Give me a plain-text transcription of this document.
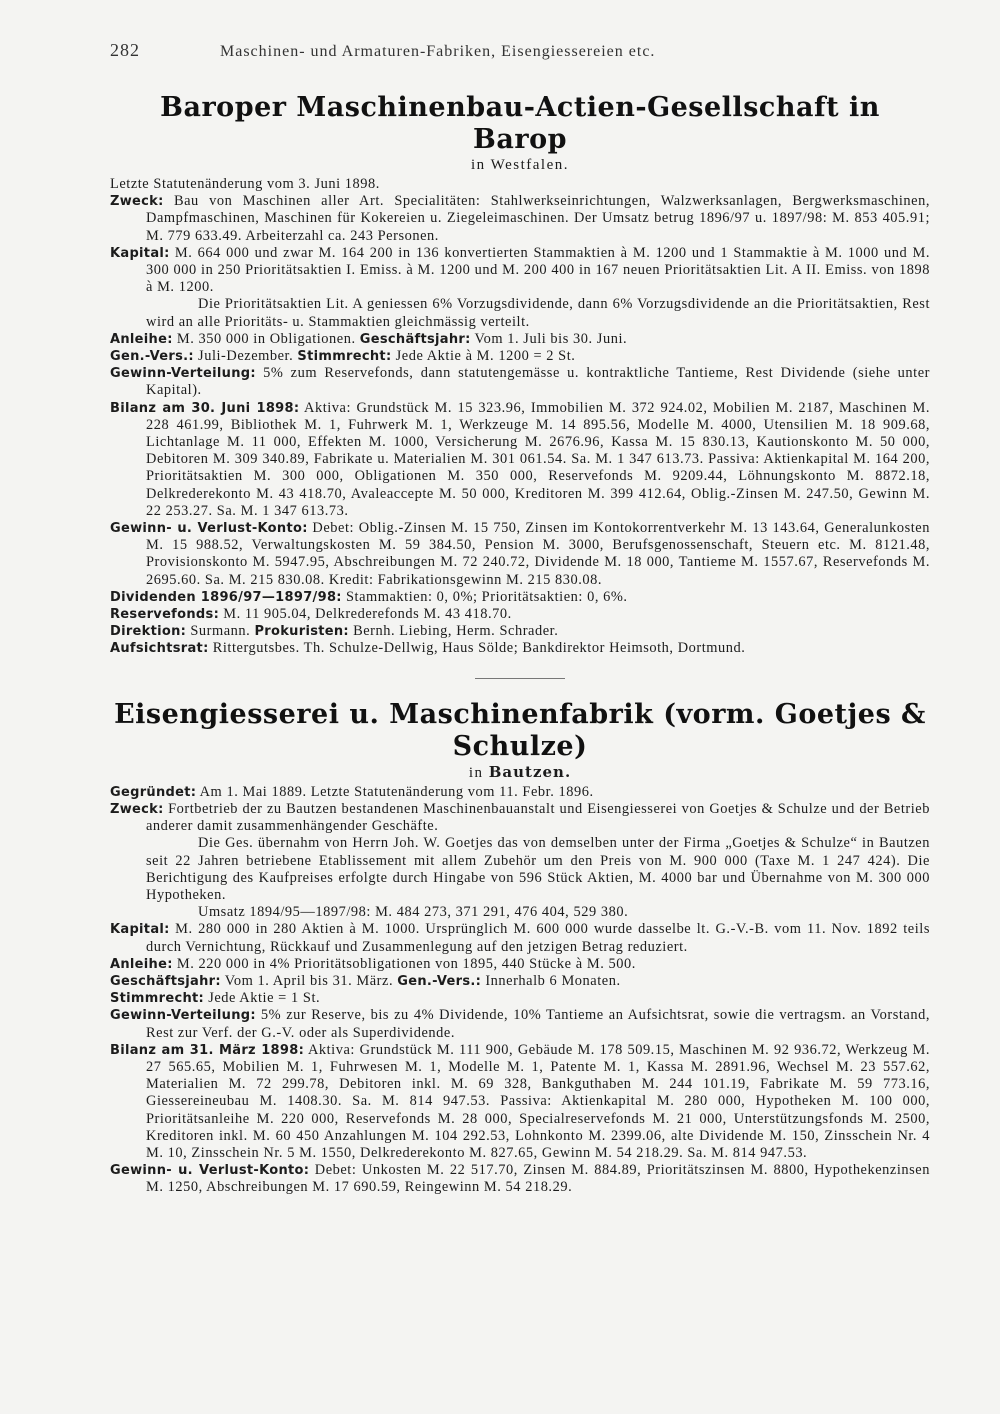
282	Maschinen- und Armaturen-Fabriken, Eisengiessereien etc.
Baroper Maschinenbau-Actien-Gesellschaft in Barop

in Westfalen.

Letzte Statutenänderung vom 3. Juni 1898.

Zweck: Bau von Maschinen aller Art. Specialitäten: Stahlwerkseinrichtungen, Walzwerksanlagen, Bergwerksmaschinen, Dampfmaschinen, Maschinen für Kokereien u. Ziegeleimaschinen. Der Umsatz betrug 1896/97 u. 1897/98: M. 853 405.91; M. 779 633.49. Arbeiterzahl ca. 243 Personen.

Kapital: M. 664 000 und zwar M. 164 200 in 136 konvertierten Stammaktien à M. 1200 und 1 Stammaktie à M. 1000 und M. 300 000 in 250 Prioritätsaktien I. Emiss. à M. 1200 und M. 200 400 in 167 neuen Prioritätsaktien Lit. A II. Emiss. von 1898 à M. 1200.

Die Prioritätsaktien Lit. A geniessen 6% Vorzugsdividende, dann 6% Vorzugsdividende an die Prioritätsaktien, Rest wird an alle Prioritäts- u. Stammaktien gleichmässig verteilt.

Anleihe: M. 350 000 in Obligationen. Geschäftsjahr: Vom 1. Juli bis 30. Juni.

Gen.-Vers.: Juli-Dezember. Stimmrecht: Jede Aktie à M. 1200 = 2 St.

Gewinn-Verteilung: 5% zum Reservefonds, dann statutengemässe u. kontraktliche Tantieme, Rest Dividende (siehe unter Kapital).

Bilanz am 30. Juni 1898: Aktiva: Grundstück M. 15 323.96, Immobilien M. 372 924.02, Mobilien M. 2187, Maschinen M. 228 461.99, Bibliothek M. 1, Fuhrwerk M. 1, Werkzeuge M. 14 895.56, Modelle M. 4000, Utensilien M. 18 909.68, Lichtanlage M. 11 000, Effekten M. 1000, Versicherung M. 2676.96, Kassa M. 15 830.13, Kautionskonto M. 50 000, Debitoren M. 309 340.89, Fabrikate u. Materialien M. 301 061.54. Sa. M. 1 347 613.73. Passiva: Aktienkapital M. 164 200, Prioritätsaktien M. 300 000, Obligationen M. 350 000, Reservefonds M. 9209.44, Löhnungskonto M. 8872.18, Delkrederekonto M. 43 418.70, Avaleaccepte M. 50 000, Kreditoren M. 399 412.64, Oblig.-Zinsen M. 247.50, Gewinn M. 22 253.27. Sa. M. 1 347 613.73.

Gewinn- u. Verlust-Konto: Debet: Oblig.-Zinsen M. 15 750, Zinsen im Kontokorrentverkehr M. 13 143.64, Generalunkosten M. 15 988.52, Verwaltungskosten M. 59 384.50, Pension M. 3000, Berufsgenossenschaft, Steuern etc. M. 8121.48, Provisionskonto M. 5947.95, Abschreibungen M. 72 240.72, Dividende M. 18 000, Tantieme M. 1557.67, Reservefonds M. 2695.60. Sa. M. 215 830.08. Kredit: Fabrikationsgewinn M. 215 830.08.

Dividenden 1896/97—1897/98: Stammaktien: 0, 0%; Prioritätsaktien: 0, 6%.

Reservefonds: M. 11 905.04, Delkrederefonds M. 43 418.70.

Direktion: Surmann. Prokuristen: Bernh. Liebing, Herm. Schrader.

Aufsichtsrat: Rittergutsbes. Th. Schulze-Dellwig, Haus Sölde; Bankdirektor Heimsoth, Dortmund.

Eisengiesserei u. Maschinenfabrik (vorm. Goetjes & Schulze)

in Bautzen.

Gegründet: Am 1. Mai 1889. Letzte Statutenänderung vom 11. Febr. 1896.

Zweck: Fortbetrieb der zu Bautzen bestandenen Maschinenbauanstalt und Eisengiesserei von Goetjes & Schulze und der Betrieb anderer damit zusammenhängender Geschäfte.

Die Ges. übernahm von Herrn Joh. W. Goetjes das von demselben unter der Firma „Goetjes & Schulze“ in Bautzen seit 22 Jahren betriebene Etablissement mit allem Zubehör um den Preis von M. 900 000 (Taxe M. 1 247 424). Die Berichtigung des Kaufpreises erfolgte durch Hingabe von 596 Stück Aktien, M. 4000 bar und Übernahme von M. 300 000 Hypotheken.

Umsatz 1894/95—1897/98: M. 484 273, 371 291, 476 404, 529 380.

Kapital: M. 280 000 in 280 Aktien à M. 1000. Ursprünglich M. 600 000 wurde dasselbe lt. G.-V.-B. vom 11. Nov. 1892 teils durch Vernichtung, Rückkauf und Zusammenlegung auf den jetzigen Betrag reduziert.

Anleihe: M. 220 000 in 4% Prioritätsobligationen von 1895, 440 Stücke à M. 500.

Geschäftsjahr: Vom 1. April bis 31. März. Gen.-Vers.: Innerhalb 6 Monaten.

Stimmrecht: Jede Aktie = 1 St.

Gewinn-Verteilung: 5% zur Reserve, bis zu 4% Dividende, 10% Tantieme an Aufsichtsrat, sowie die vertragsm. an Vorstand, Rest zur Verf. der G.-V. oder als Superdividende.

Bilanz am 31. März 1898: Aktiva: Grundstück M. 111 900, Gebäude M. 178 509.15, Maschinen M. 92 936.72, Werkzeug M. 27 565.65, Mobilien M. 1, Fuhrwesen M. 1, Modelle M. 1, Patente M. 1, Kassa M. 2891.96, Wechsel M. 23 557.62, Materialien M. 72 299.78, Debitoren inkl. M. 69 328, Bankguthaben M. 244 101.19, Fabrikate M. 59 773.16, Giessereineubau M. 1408.30. Sa. M. 814 947.53. Passiva: Aktienkapital M. 280 000, Hypotheken M. 100 000, Prioritätsanleihe M. 220 000, Reservefonds M. 28 000, Specialreservefonds M. 21 000, Unterstützungsfonds M. 2500, Kreditoren inkl. M. 60 450 Anzahlungen M. 104 292.53, Lohnkonto M. 2399.06, alte Dividende M. 150, Zinsschein Nr. 4 M. 10, Zinsschein Nr. 5 M. 1550, Delkrederekonto M. 827.65, Gewinn M. 54 218.29. Sa. M. 814 947.53.

Gewinn- u. Verlust-Konto: Debet: Unkosten M. 22 517.70, Zinsen M. 884.89, Prioritätszinsen M. 8800, Hypothekenzinsen M. 1250, Abschreibungen M. 17 690.59, Reingewinn M. 54 218.29.
